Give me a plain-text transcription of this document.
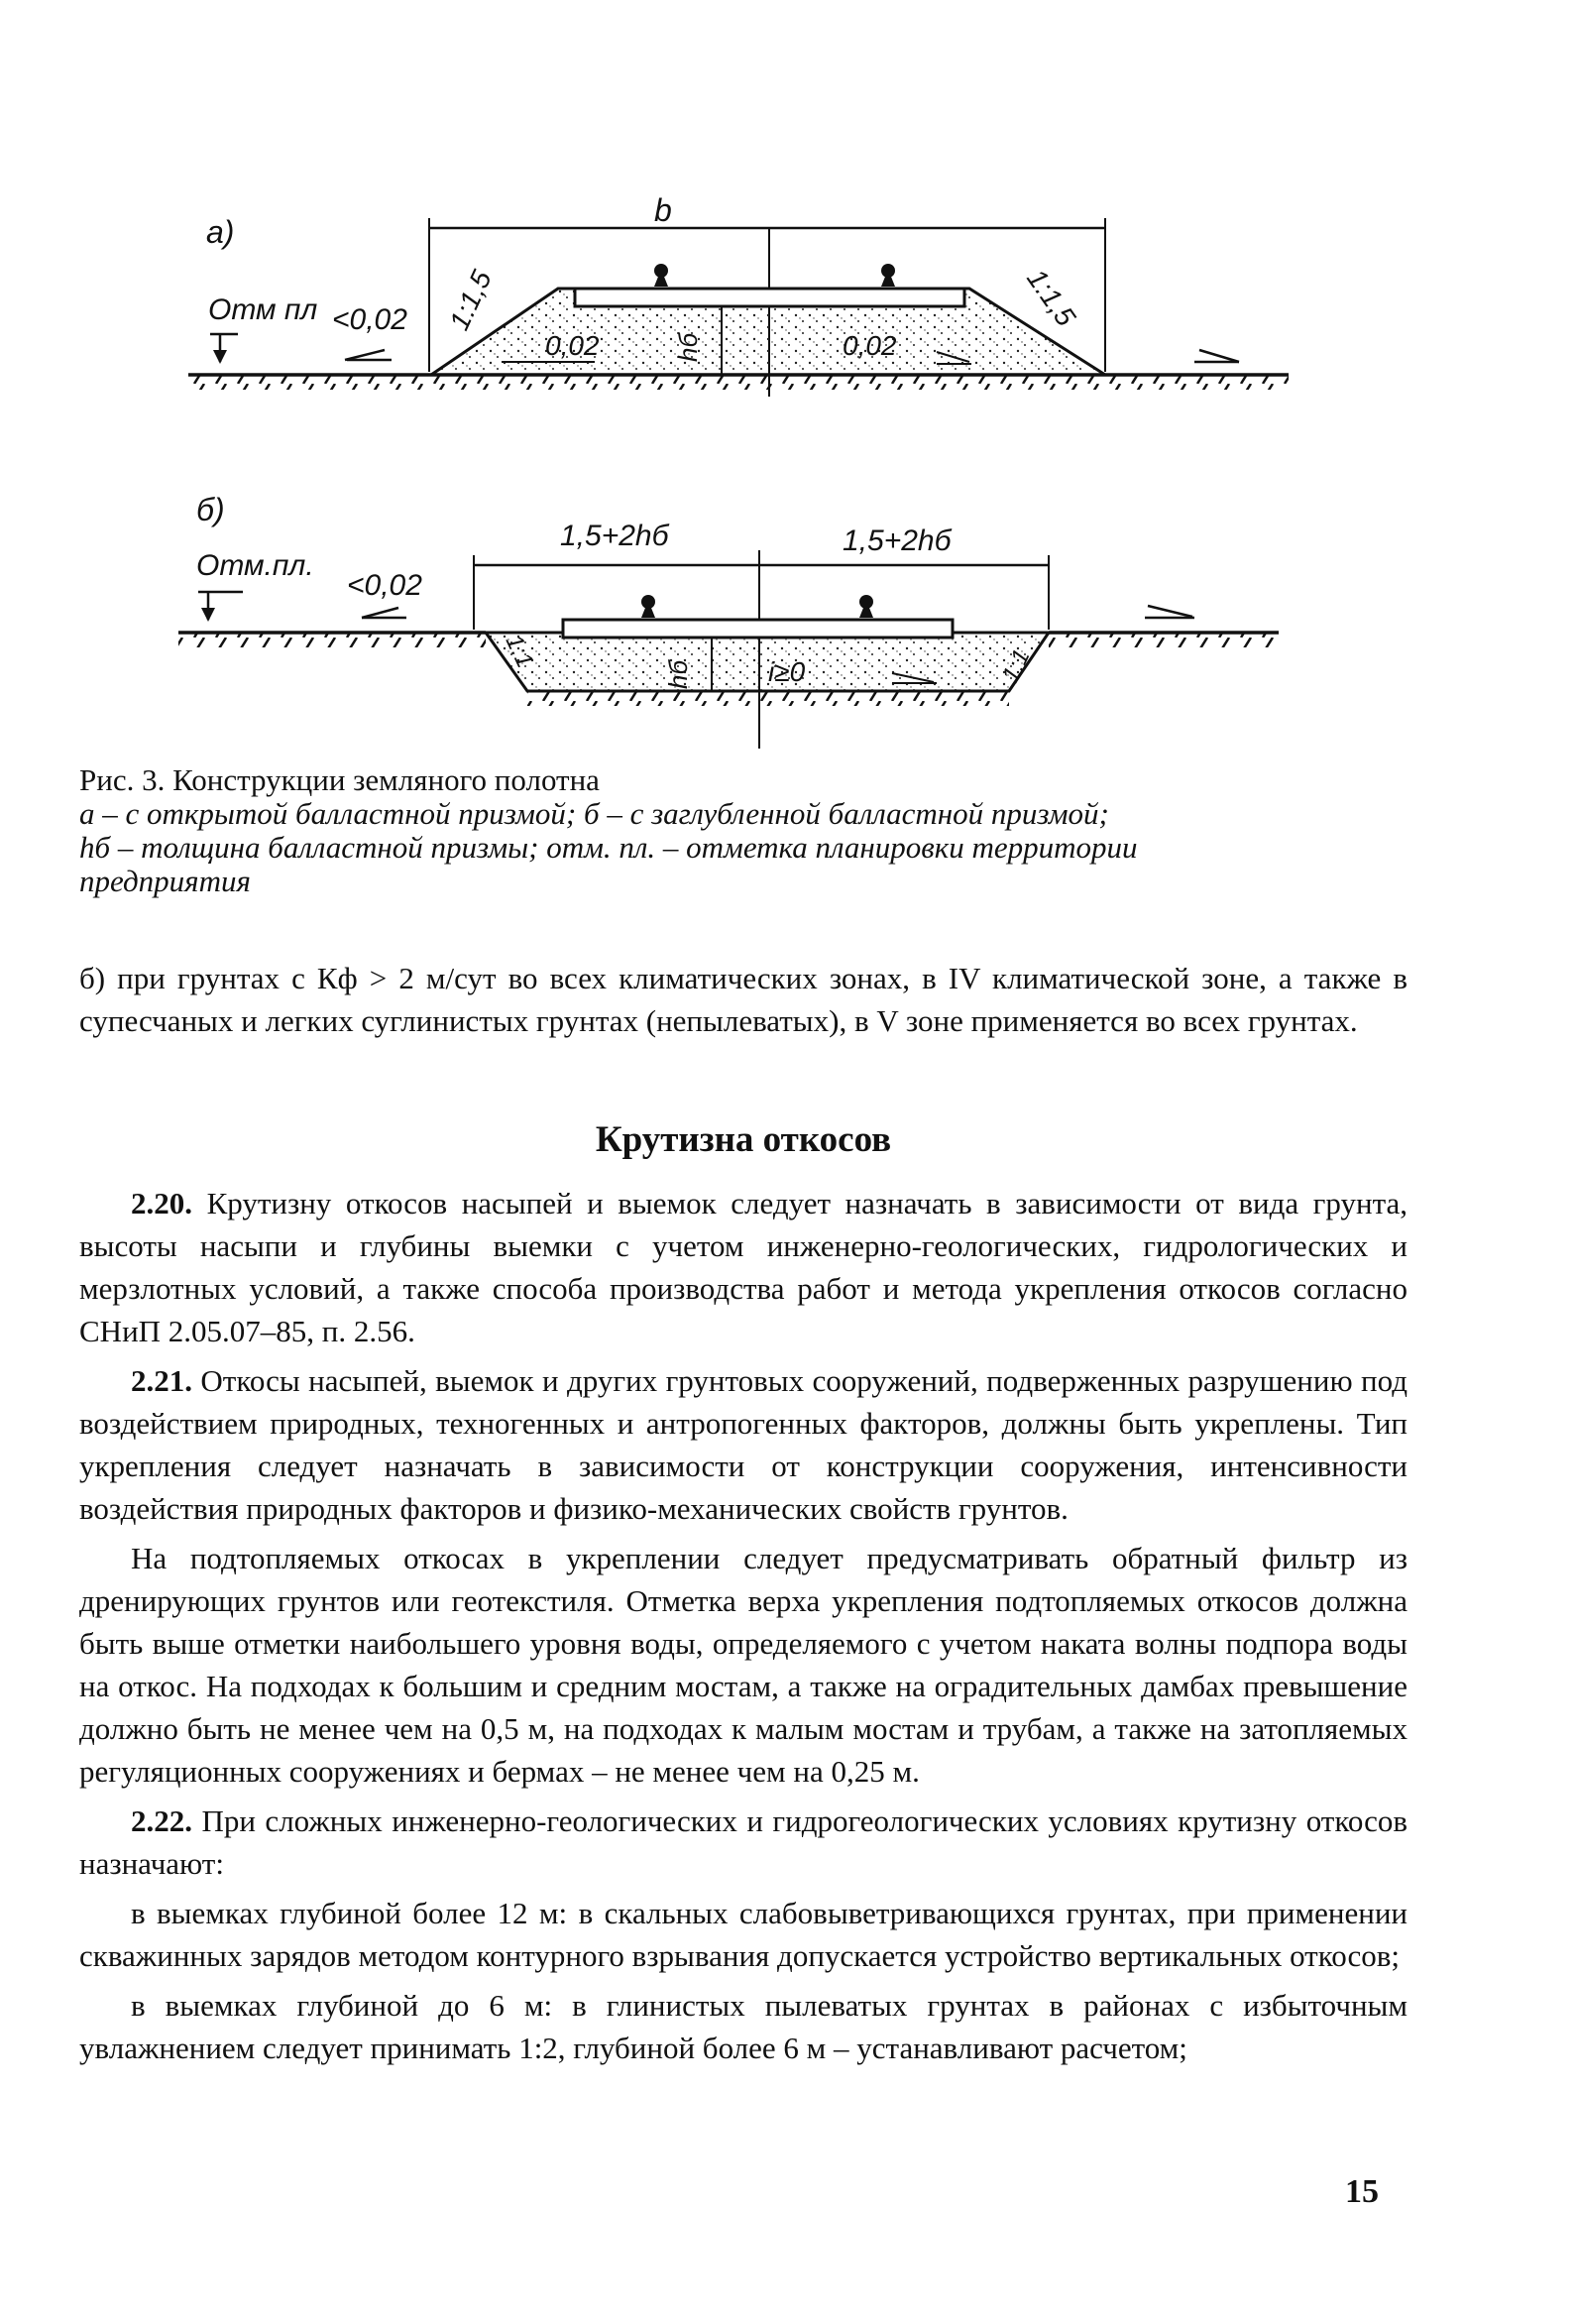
а)
Отм пл <0,02
b
hб
0,02	0,02
1:1,5	1:1,5
б)
Отм.пл.
<0,02
1,5+2hб	1,5+2hб
hб	i≥0
1:1	1:1
Рис. 3. Конструкции земляного полотна
а – с открытой балластной призмой; б – с заглубленной балластной призмой;
hб – толщина балластной призмы; отм. пл. – отметка планировки территории
предприятия

б) при грунтах с Кф > 2 м/сут во всех климатических зонах, в IV климатической зоне, а также в супесчаных и легких суглинистых грунтах (непылеватых), в V зоне применяется во всех грунтах.

Крутизна откосов

2.20. Крутизну откосов насыпей и выемок следует назначать в зависимости от вида грунта, высоты насыпи и глубины выемки с учетом инженерно-геологических, гидрологических и мерзлотных условий, а также способа производства работ и метода укрепления откосов согласно СНиП 2.05.07–85, п. 2.56.

2.21. Откосы насыпей, выемок и других грунтовых сооружений, подверженных разрушению под воздействием природных, техногенных и антропогенных факторов, должны быть укреплены. Тип укрепления следует назначать в зависимости от конструкции сооружения, интенсивности воздействия природных факторов и физико-механических свойств грунтов.

На подтопляемых откосах в укреплении следует предусматривать обратный фильтр из дренирующих грунтов или геотекстиля. Отметка верха укрепления подтопляемых откосов должна быть выше отметки наибольшего уровня воды, определяемого с учетом наката волны подпора воды на откос. На подходах к большим и средним мостам, а также на оградительных дамбах превышение должно быть не менее чем на 0,5 м, на подходах к малым мостам и трубам, а также на затопляемых регуляционных сооружениях и бермах – не менее чем на 0,25 м.

2.22. При сложных инженерно-геологических и гидрогеологических условиях крутизну откосов назначают:

в выемках глубиной более 12 м: в скальных слабовыветривающихся грунтах, при применении скважинных зарядов методом контурного взрывания допускается устройство вертикальных откосов;

в выемках глубиной до 6 м: в глинистых пылеватых грунтах в районах с избыточным увлажнением следует принимать 1:2, глубиной более 6 м – устанавливают расчетом;

15
